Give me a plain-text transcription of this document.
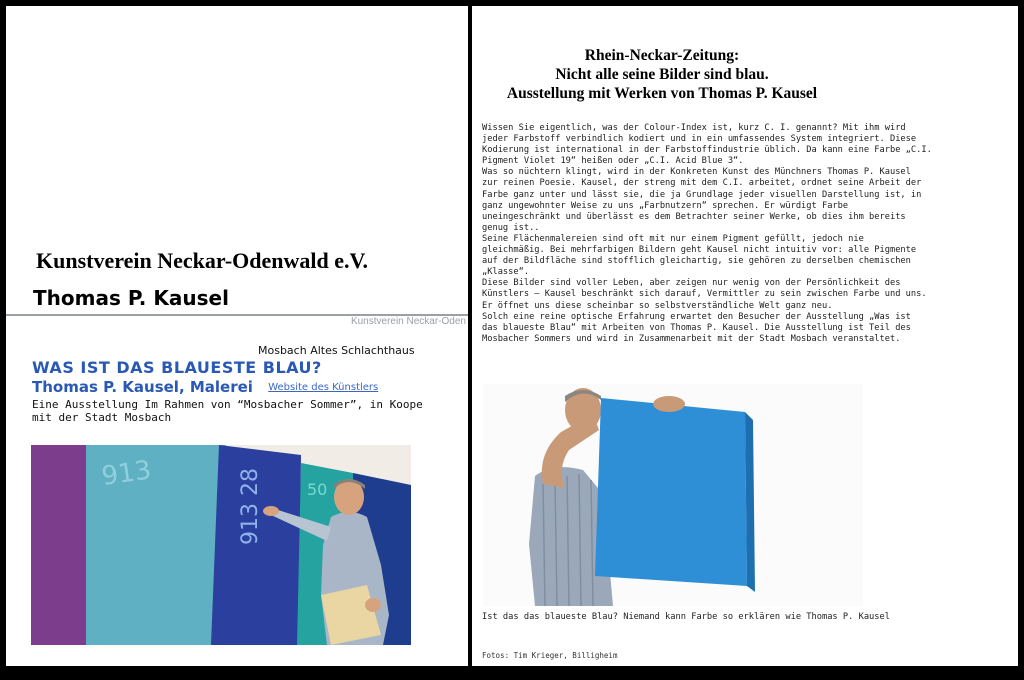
Kunstverein Neckar-Odenwald e.V.
Thomas P. Kausel
Kunstverein Neckar-Oden
Mosbach Altes Schlachthaus
WAS IST DAS BLAUESTE BLAU?
Thomas P. Kausel, Malerei Website des Künstlers
Eine Ausstellung Im Rahmen von “Mosbacher Sommer”, in Koope
mit der Stadt Mosbach
913	913 28	50
Rhein-Neckar-Zeitung:
Nicht alle seine Bilder sind blau.
Ausstellung mit Werken von Thomas P. Kausel
Wissen Sie eigentlich, was der Colour-Index ist, kurz C. I. genannt? Mit ihm wird
jeder Farbstoff verbindlich kodiert und in ein umfassendes System integriert. Diese
Kodierung ist international in der Farbstoffindustrie üblich. Da kann eine Farbe „C.I.
Pigment Violet 19“ heißen oder „C.I. Acid Blue 3“.
Was so nüchtern klingt, wird in der Konkreten Kunst des Münchners Thomas P. Kausel
zur reinen Poesie. Kausel, der streng mit dem C.I. arbeitet, ordnet seine Arbeit der
Farbe ganz unter und lässt sie, die ja Grundlage jeder visuellen Darstellung ist, in
ganz ungewohnter Weise zu uns „Farbnutzern“ sprechen. Er würdigt Farbe
uneingeschränkt und überlässt es dem Betrachter seiner Werke, ob dies ihm bereits
genug ist..
Seine Flächenmalereien sind oft mit nur einem Pigment gefüllt, jedoch nie
gleichmäßig. Bei mehrfarbigen Bildern geht Kausel nicht intuitiv vor: alle Pigmente
auf der Bildfläche sind stofflich gleichartig, sie gehören zu derselben chemischen
„Klasse“.
Diese Bilder sind voller Leben, aber zeigen nur wenig von der Persönlichkeit des
Künstlers – Kausel beschränkt sich darauf, Vermittler zu sein zwischen Farbe und uns.
Er öffnet uns diese scheinbar so selbstverständliche Welt ganz neu.
Solch eine reine optische Erfahrung erwartet den Besucher der Ausstellung „Was ist
das blaueste Blau“ mit Arbeiten von Thomas P. Kausel. Die Ausstellung ist Teil des
Mosbacher Sommers und wird in Zusammenarbeit mit der Stadt Mosbach veranstaltet.
Ist das das blaueste Blau? Niemand kann Farbe so erklären wie Thomas P. Kausel
Fotos: Tim Krieger, Billigheim
